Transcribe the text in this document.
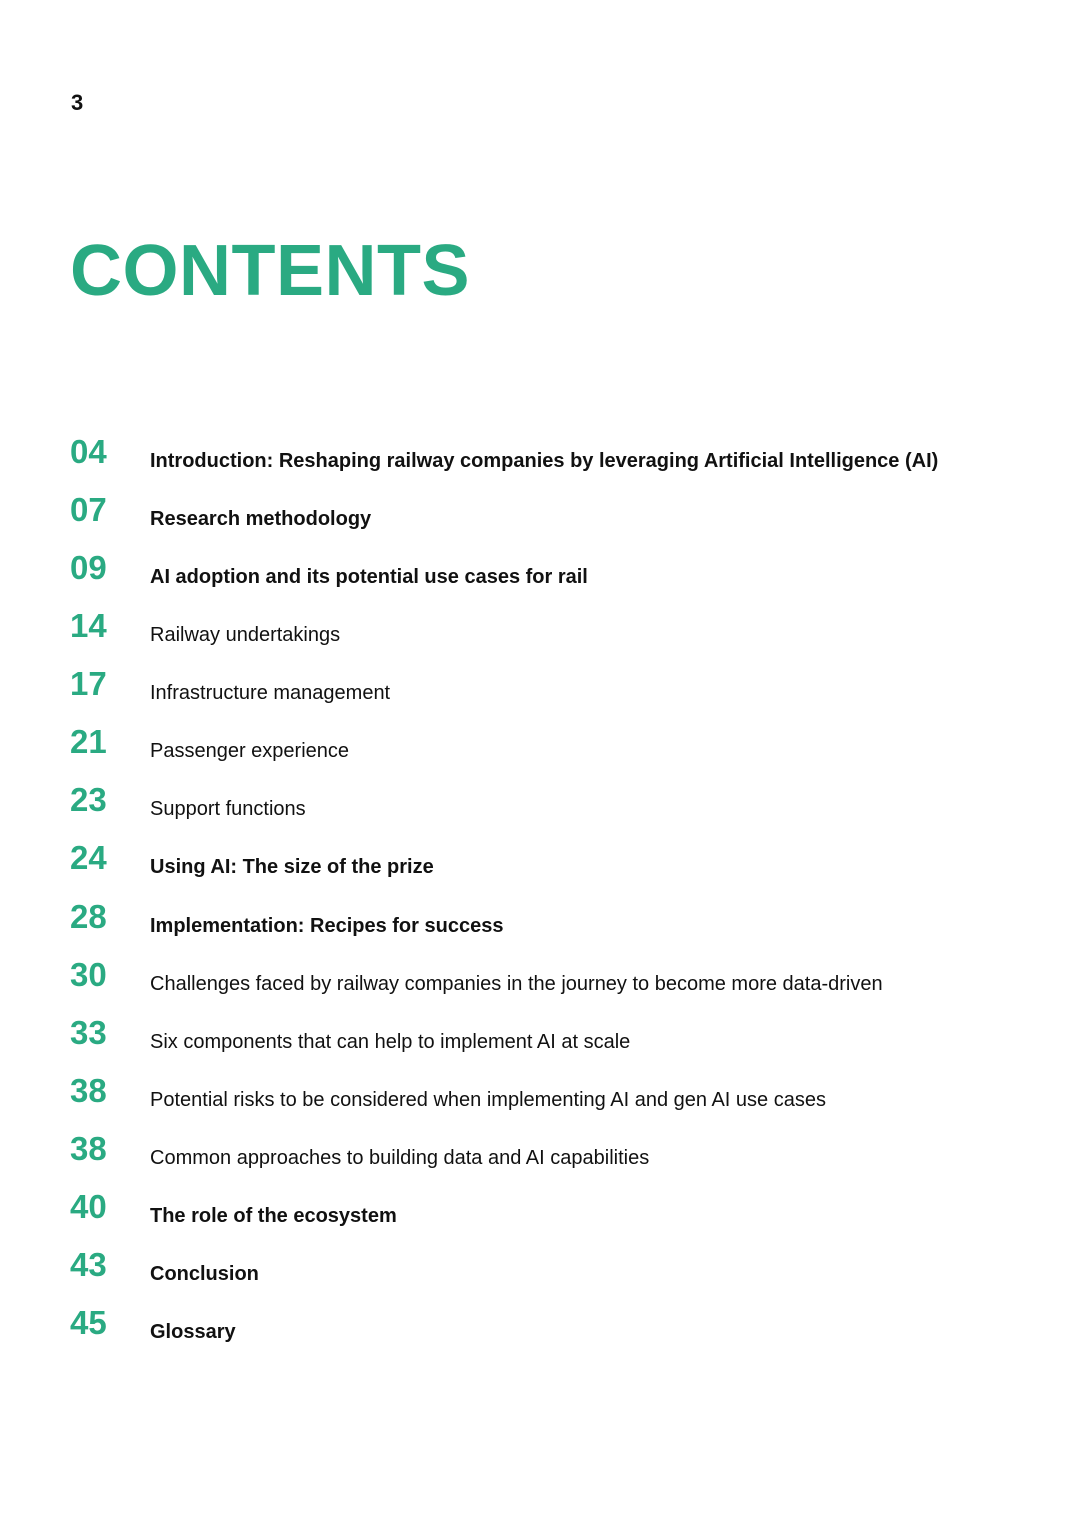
3
CONTENTS
04	Introduction: Reshaping railway companies by leveraging Artificial Intelligence (AI)
07	Research methodology
09	AI adoption and its potential use cases for rail
14	Railway undertakings
17	Infrastructure management
21	Passenger experience
23	Support functions
24	Using AI: The size of the prize
28	Implementation: Recipes for success
30	Challenges faced by railway companies in the journey to become more data-driven
33	Six components that can help to implement AI at scale
38	Potential risks to be considered when implementing AI and gen AI use cases
38	Common approaches to building data and AI capabilities
40	The role of the ecosystem
43	Conclusion
45	Glossary
